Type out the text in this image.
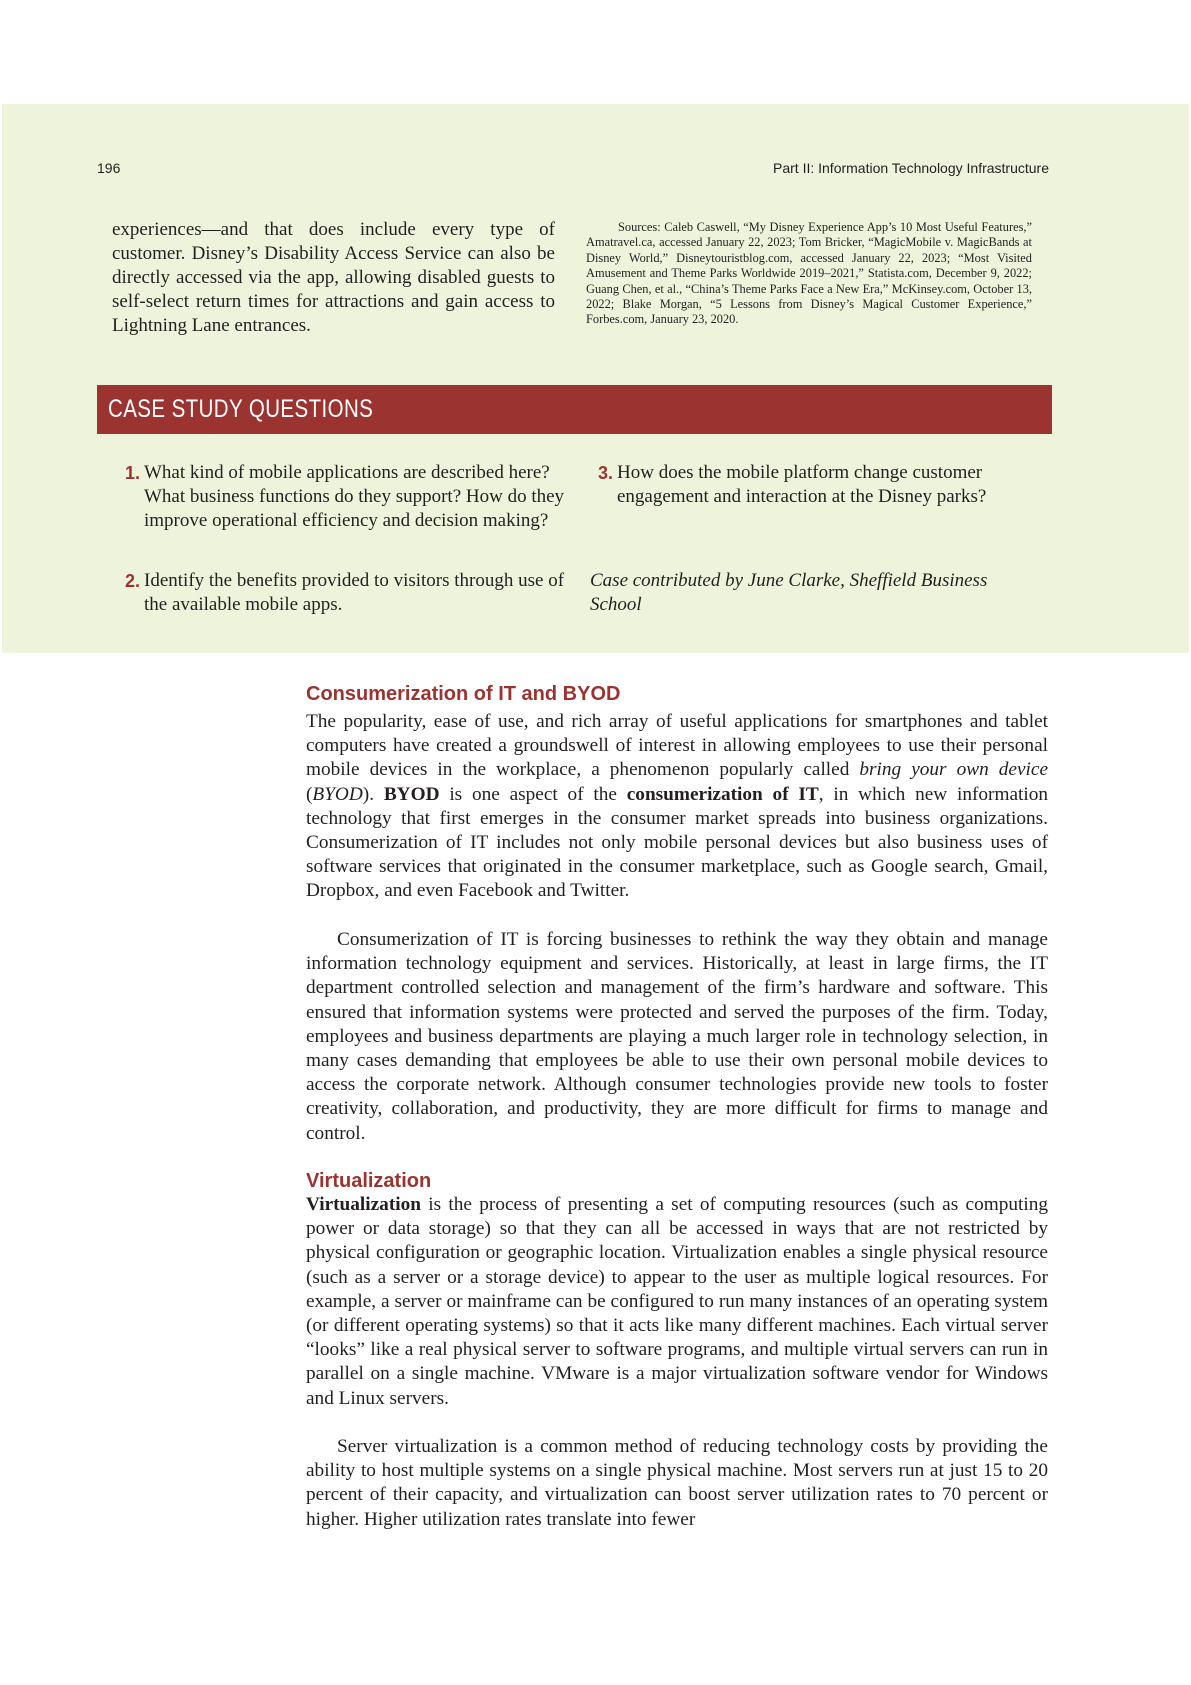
196	Part II: Information Technology Infrastructure

experiences—and that does include every type of customer. Disney’s Disability Access Service can also be directly accessed via the app, allowing disabled guests to self-select return times for attractions and gain access to Lightning Lane entrances.

Sources: Caleb Caswell, “My Disney Experience App’s 10 Most Useful Features,” Amatravel.ca, accessed January 22, 2023; Tom Bricker, “MagicMobile v. MagicBands at Disney World,” Disneytouristblog.com, accessed January 22, 2023; “Most Visited Amusement and Theme Parks Worldwide 2019–2021,” Statista.com, December 9, 2022; Guang Chen, et al., “China’s Theme Parks Face a New Era,” McKinsey.com, October 13, 2022; Blake Morgan, “5 Lessons from Disney’s Magical Customer Experience,” Forbes.com, January 23, 2020.

CASE STUDY QUESTIONS
1. What kind of mobile applications are described here? What business functions do they support? How do they improve operational efficiency and decision making?
2. Identify the benefits provided to visitors through use of the available mobile apps.
3. How does the mobile platform change customer engagement and interaction at the Disney parks?

Case contributed by June Clarke, Sheffield Business School

Consumerization of IT and BYOD

The popularity, ease of use, and rich array of useful applications for smartphones and tablet computers have created a groundswell of interest in allowing employees to use their personal mobile devices in the workplace, a phenomenon popularly called bring your own device (BYOD). BYOD is one aspect of the consumerization of IT, in which new information technology that first emerges in the consumer market spreads into business organizations. Consumerization of IT includes not only mobile personal devices but also business uses of software services that originated in the consumer marketplace, such as Google search, Gmail, Dropbox, and even Facebook and Twitter.

Consumerization of IT is forcing businesses to rethink the way they obtain and manage information technology equipment and services. Historically, at least in large firms, the IT department controlled selection and management of the firm’s hardware and software. This ensured that information systems were protected and served the purposes of the firm. Today, employees and business departments are playing a much larger role in technology selection, in many cases demanding that employees be able to use their own personal mobile devices to access the corporate network. Although consumer technologies provide new tools to foster creativity, collaboration, and productivity, they are more difficult for firms to manage and control.

Virtualization

Virtualization is the process of presenting a set of computing resources (such as computing power or data storage) so that they can all be accessed in ways that are not restricted by physical configuration or geographic location. Virtualization enables a single physical resource (such as a server or a storage device) to appear to the user as multiple logical resources. For example, a server or mainframe can be configured to run many instances of an operating system (or different operating systems) so that it acts like many different machines. Each virtual server “looks” like a real physical server to software programs, and multiple virtual servers can run in parallel on a single machine. VMware is a major virtualization software vendor for Windows and Linux servers.

Server virtualization is a common method of reducing technology costs by providing the ability to host multiple systems on a single physical machine. Most servers run at just 15 to 20 percent of their capacity, and virtualization can boost server utilization rates to 70 percent or higher. Higher utilization rates translate into fewer
